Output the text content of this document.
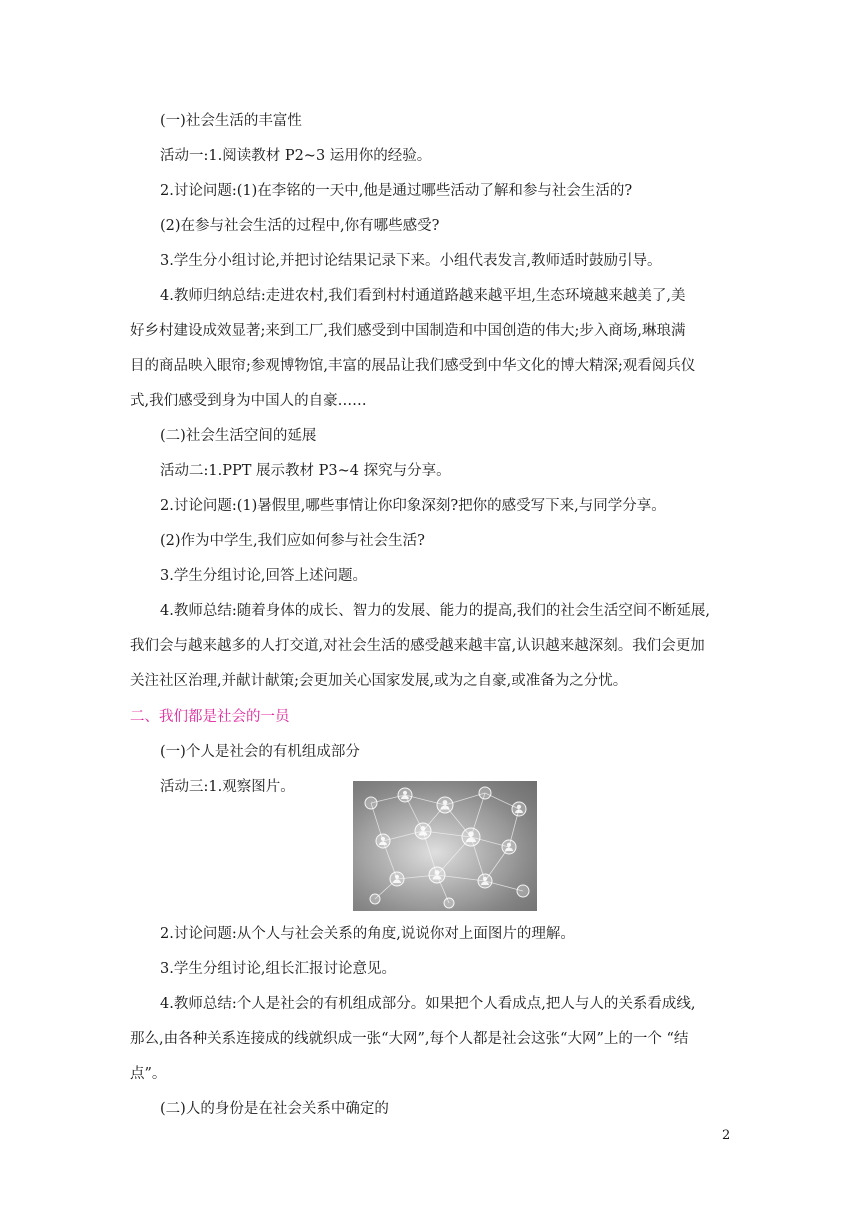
(一)社会生活的丰富性
活动一:1.阅读教材 P2~3 运用你的经验。
2.讨论问题:(1)在李铭的一天中,他是通过哪些活动了解和参与社会生活的?
(2)在参与社会生活的过程中,你有哪些感受?
3.学生分小组讨论,并把讨论结果记录下来。小组代表发言,教师适时鼓励引导。
4.教师归纳总结:走进农村,我们看到村村通道路越来越平坦,生态环境越来越美了,美
好乡村建设成效显著;来到工厂,我们感受到中国制造和中国创造的伟大;步入商场,琳琅满
目的商品映入眼帘;参观博物馆,丰富的展品让我们感受到中华文化的博大精深;观看阅兵仪
式,我们感受到身为中国人的自豪……
(二)社会生活空间的延展
活动二:1.PPT 展示教材 P3~4 探究与分享。
2.讨论问题:(1)暑假里,哪些事情让你印象深刻?把你的感受写下来,与同学分享。
(2)作为中学生,我们应如何参与社会生活?
3.学生分组讨论,回答上述问题。
4.教师总结:随着身体的成长、智力的发展、能力的提高,我们的社会生活空间不断延展,
我们会与越来越多的人打交道,对社会生活的感受越来越丰富,认识越来越深刻。我们会更加
关注社区治理,并献计献策;会更加关心国家发展,或为之自豪,或准备为之分忧。
二、我们都是社会的一员
(一)个人是社会的有机组成部分
活动三:1.观察图片。
2.讨论问题:从个人与社会关系的角度,说说你对上面图片的理解。
3.学生分组讨论,组长汇报讨论意见。
4.教师总结:个人是社会的有机组成部分。如果把个人看成点,把人与人的关系看成线,
那么,由各种关系连接成的线就织成一张“大网”,每个人都是社会这张“大网”上的一个 “结
点”。
(二)人的身份是在社会关系中确定的
2
